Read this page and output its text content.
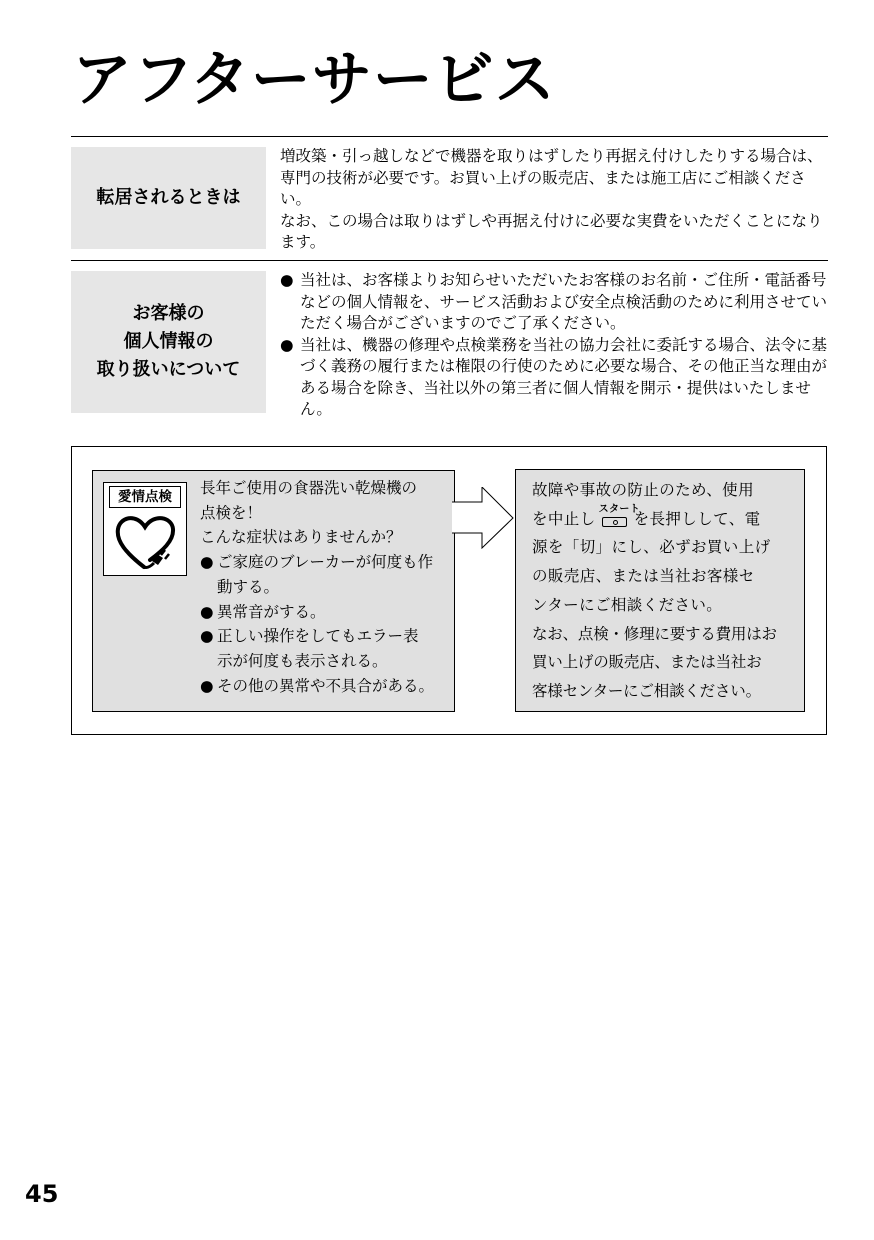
アフターサービス
転居されるときは

増改築・引っ越しなどで機器を取りはずしたり再据え付けしたりする場合は、専門の技術が必要です。お買い上げの販売店、または施工店にご相談ください。

なお、この場合は取りはずしや再据え付けに必要な実費をいただくことになります。

お客様の
個人情報の
取り扱いについて
● 当社は、お客様よりお知らせいただいたお客様のお名前・ご住所・電話番号などの個人情報を、サービス活動および安全点検活動のために利用させていただく場合がございますのでご了承ください。
● 当社は、機器の修理や点検業務を当社の協力会社に委託する場合、法令に基づく義務の履行または権限の行使のために必要な場合、その他正当な理由がある場合を除き、当社以外の第三者に個人情報を開示・提供はいたしません。
愛情点検	長年ご使用の食器洗い乾燥機の

点検を！

こんな症状はありませんか？

● ご家庭のブレーカーが何度も作
動する。
● 異常音がする。
● 正しい操作をしてもエラー表
示が何度も表示される。
● その他の異常や不具合がある。

故障や事故の防止のため、使用

を中止し
スタート
を長押しして、電

源を「切」にし、必ずお買い上げ

の販売店、または当社お客様セ

ンターにご相談ください。

なお、点検・修理に要する費用はお

買い上げの販売店、または当社お

客様センターにご相談ください。

45
